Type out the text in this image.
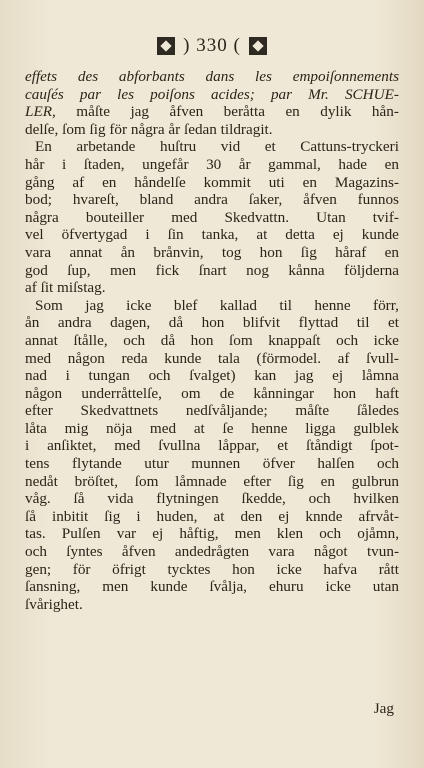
) 330 (
effets des abforbants dans les empoiſonnements
cauſés par les poiſons acides; par Mr. SCHUE-
LER, måſte jag åfven beråtta en dylik hån-
delſe, ſom ſig för några år ſedan tildragit.
En arbetande huſtru vid et Cattuns-tryckeri
hår i ſtaden, ungefår 30 år gammal, hade en
gång af en håndelſe kommit uti en Magazins-
bod; hvareſt, bland andra ſaker, åfven funnos
några bouteiller med Skedvattn. Utan tvif-
vel öfvertygad i ſin tanka, at detta ej kunde
vara annat ån brånvin, tog hon ſig håraf en
god ſup, men fick ſnart nog kånna följderna
af ſit miſstag.
Som jag icke blef kallad til henne förr,
ån andra dagen, då hon blifvit flyttad til et
annat ſtålle, och då hon ſom knappaſt och icke
med någon reda kunde tala (förmodel. af ſvull-
nad i tungan och ſvalget) kan jag ej låmna
någon underråttelſe, om de kånningar hon haft
efter Skedvattnets nedſvåljande; måſte ſåledes
låta mig nöja med at ſe henne ligga gulblek
i anſiktet, med ſvullna låppar, et ſtåndigt ſpot-
tens flytande utur munnen öfver halſen och
nedåt bröſtet, ſom låmnade efter ſig en gulbrun
våg. ſå vida flytningen ſkedde, och hvilken
ſå inbitit ſig i huden, at den ej knnde afrvåt-
tas. Pulſen var ej håftig, men klen och ojåmn,
och ſyntes åfven andedrågten vara något tvun-
gen; för öfrigt tycktes hon icke hafva rått
ſansning, men kunde ſvålja, ehuru icke utan
ſvårighet.
Jag
